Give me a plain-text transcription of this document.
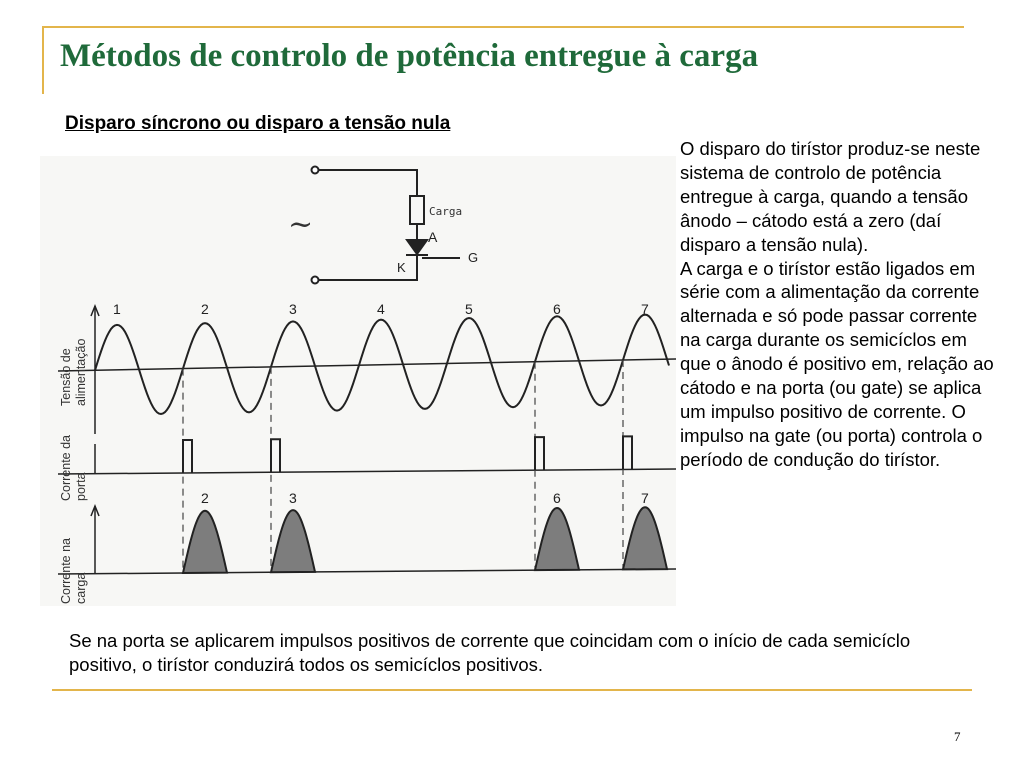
Métodos de controlo de potência entregue à carga
Disparo síncrono ou disparo a tensão nula
~	Carga
A
K
G
1	2	3	4	5	6	7
2	3	6	7
Tensão de alimentação
Corrente da porta
Corrente na carga

O disparo do tirístor produz-se neste sistema de controlo de potência entregue à carga, quando a tensão ânodo – cátodo está a zero (daí disparo a tensão nula).

A carga e o tirístor estão ligados em série com a alimentação da corrente alternada e só pode passar corrente na carga durante os semicíclos em que o ânodo é positivo em, relação ao cátodo e na porta (ou gate) se aplica um impulso positivo de corrente. O impulso na gate (ou porta) controla o período de condução do tirístor.

Se na porta se aplicarem impulsos positivos de corrente que coincidam com o início de cada semicíclo positivo, o tirístor conduzirá todos os semicíclos positivos.
7
